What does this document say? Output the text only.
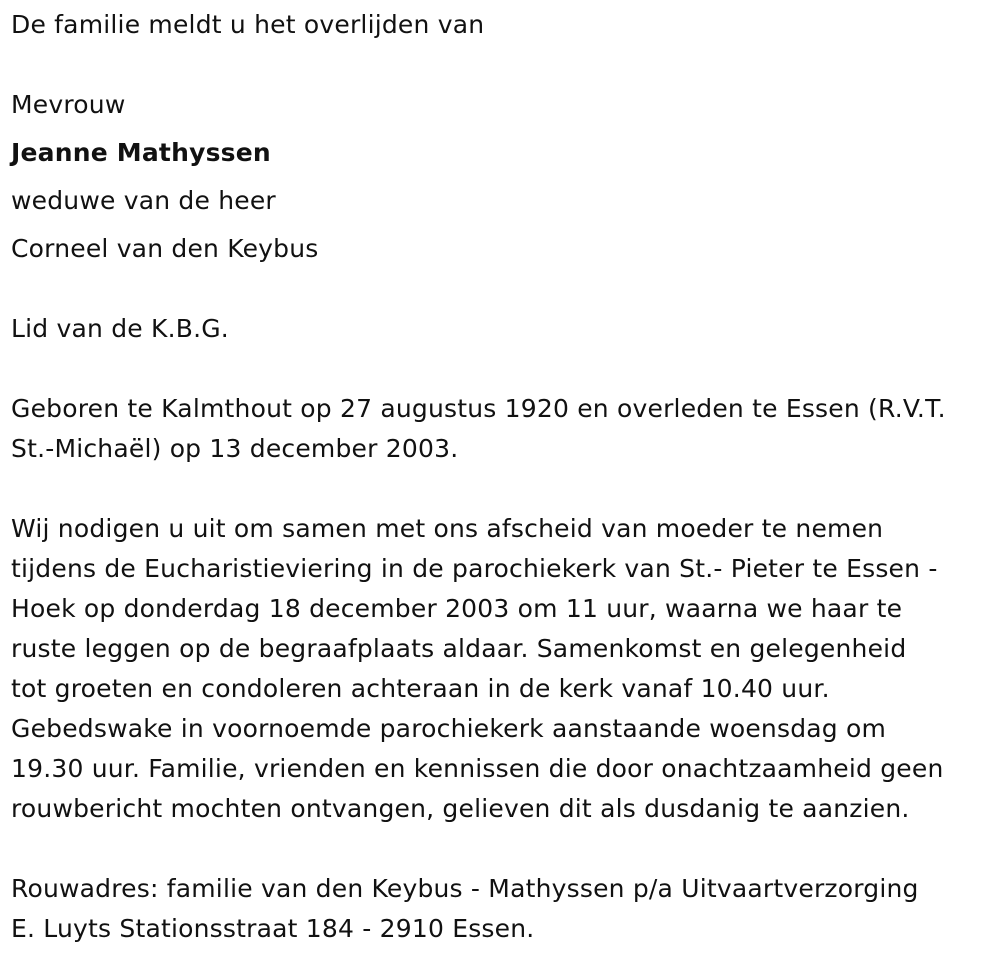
De familie meldt u het overlijden van
Mevrouw
Jeanne Mathyssen
weduwe van de heer
Corneel van den Keybus
Lid van de K.B.G.
Geboren te Kalmthout op 27 augustus 1920 en overleden te Essen (R.V.T.
St.-Michaël) op 13 december 2003.
Wij nodigen u uit om samen met ons afscheid van moeder te nemen
tijdens de Eucharistieviering in de parochiekerk van St.- Pieter te Essen -
Hoek op donderdag 18 december 2003 om 11 uur, waarna we haar te
ruste leggen op de begraafplaats aldaar. Samenkomst en gelegenheid
tot groeten en condoleren achteraan in de kerk vanaf 10.40 uur.
Gebedswake in voornoemde parochiekerk aanstaande woensdag om
19.30 uur. Familie, vrienden en kennissen die door onachtzaamheid geen
rouwbericht mochten ontvangen, gelieven dit als dusdanig te aanzien.
Rouwadres: familie van den Keybus - Mathyssen p/a Uitvaartverzorging
E. Luyts Stationsstraat 184 - 2910 Essen.
